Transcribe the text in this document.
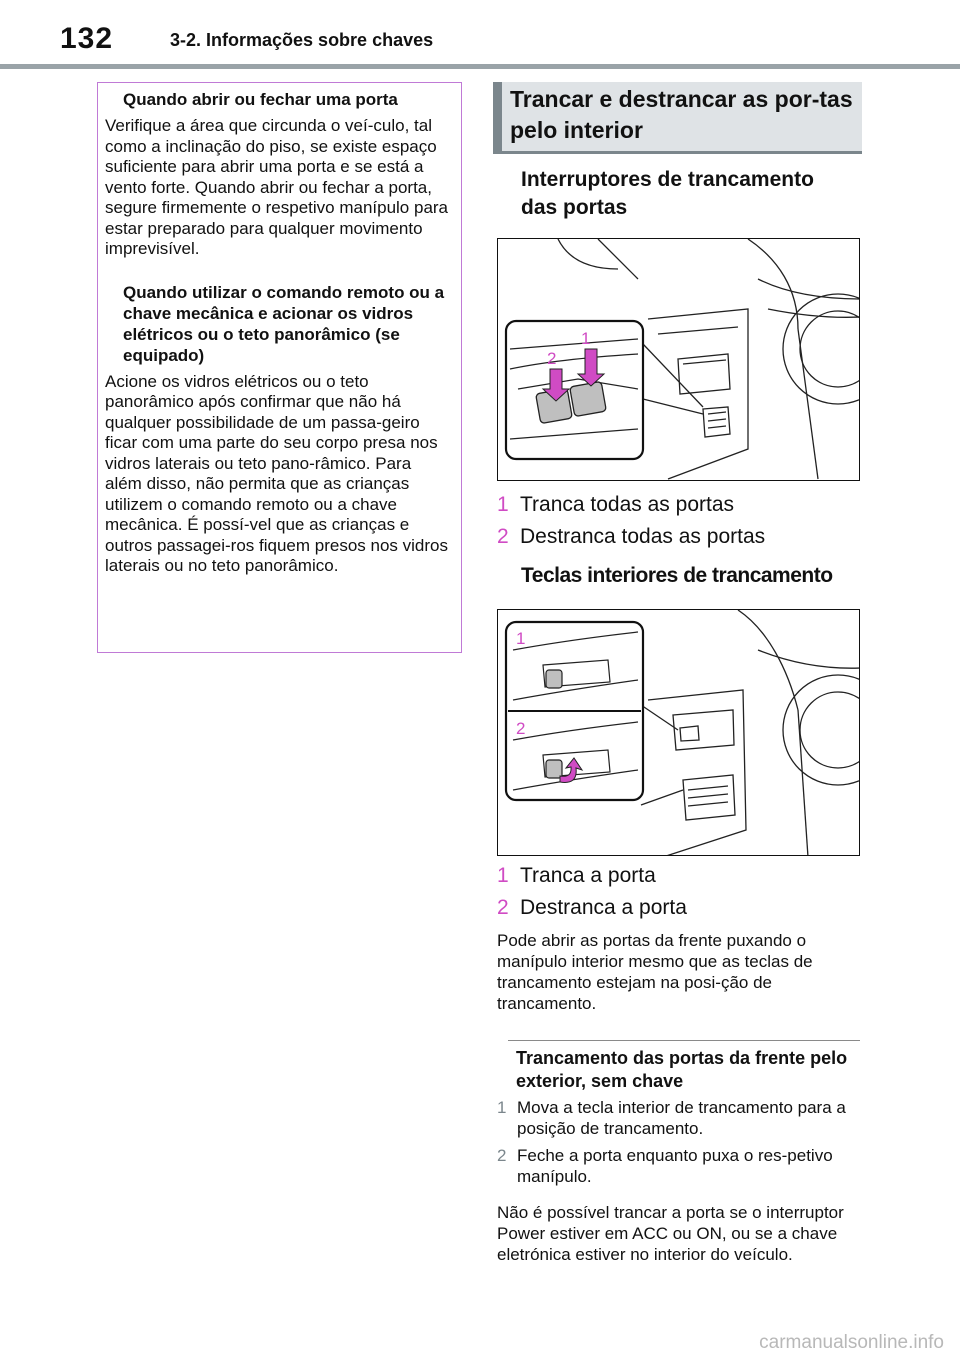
132	3-2. Informações sobre chaves
Quando abrir ou fechar uma porta
Verifique a área que circunda o veí-culo, tal como a inclinação do piso, se existe espaço suficiente para abrir uma porta e se está a vento forte. Quando abrir ou fechar a porta, segure firmemente o respetivo manípulo para estar preparado para qualquer movimento imprevisível.
Quando utilizar o comando remoto ou a chave mecânica e acionar os vidros elétricos ou o teto panorâmico (se equipado)
Acione os vidros elétricos ou o teto panorâmico após confirmar que não há qualquer possibilidade de um passa-geiro ficar com uma parte do seu corpo presa nos vidros laterais ou teto pano-râmico. Para além disso, não permita que as crianças utilizem o comando remoto ou a chave mecânica. É possí-vel que as crianças e outros passagei-ros fiquem presos nos vidros laterais ou no teto panorâmico.
Trancar e destrancar as por-tas pelo interior
Interruptores de trancamento das portas
2
1
1 Tranca todas as portas
2 Destranca todas as portas
Teclas interiores de trancamento
1
2
1 Tranca a porta
2 Destranca a porta
Pode abrir as portas da frente puxando o manípulo interior mesmo que as teclas de trancamento estejam na posi-ção de trancamento.
Trancamento das portas da frente pelo exterior, sem chave
1 Mova a tecla interior de trancamento para a posição de trancamento.
2 Feche a porta enquanto puxa o res-petivo manípulo.
Não é possível trancar a porta se o interruptor Power estiver em ACC ou ON, ou se a chave eletrónica estiver no interior do veículo.
carmanualsonline.info
